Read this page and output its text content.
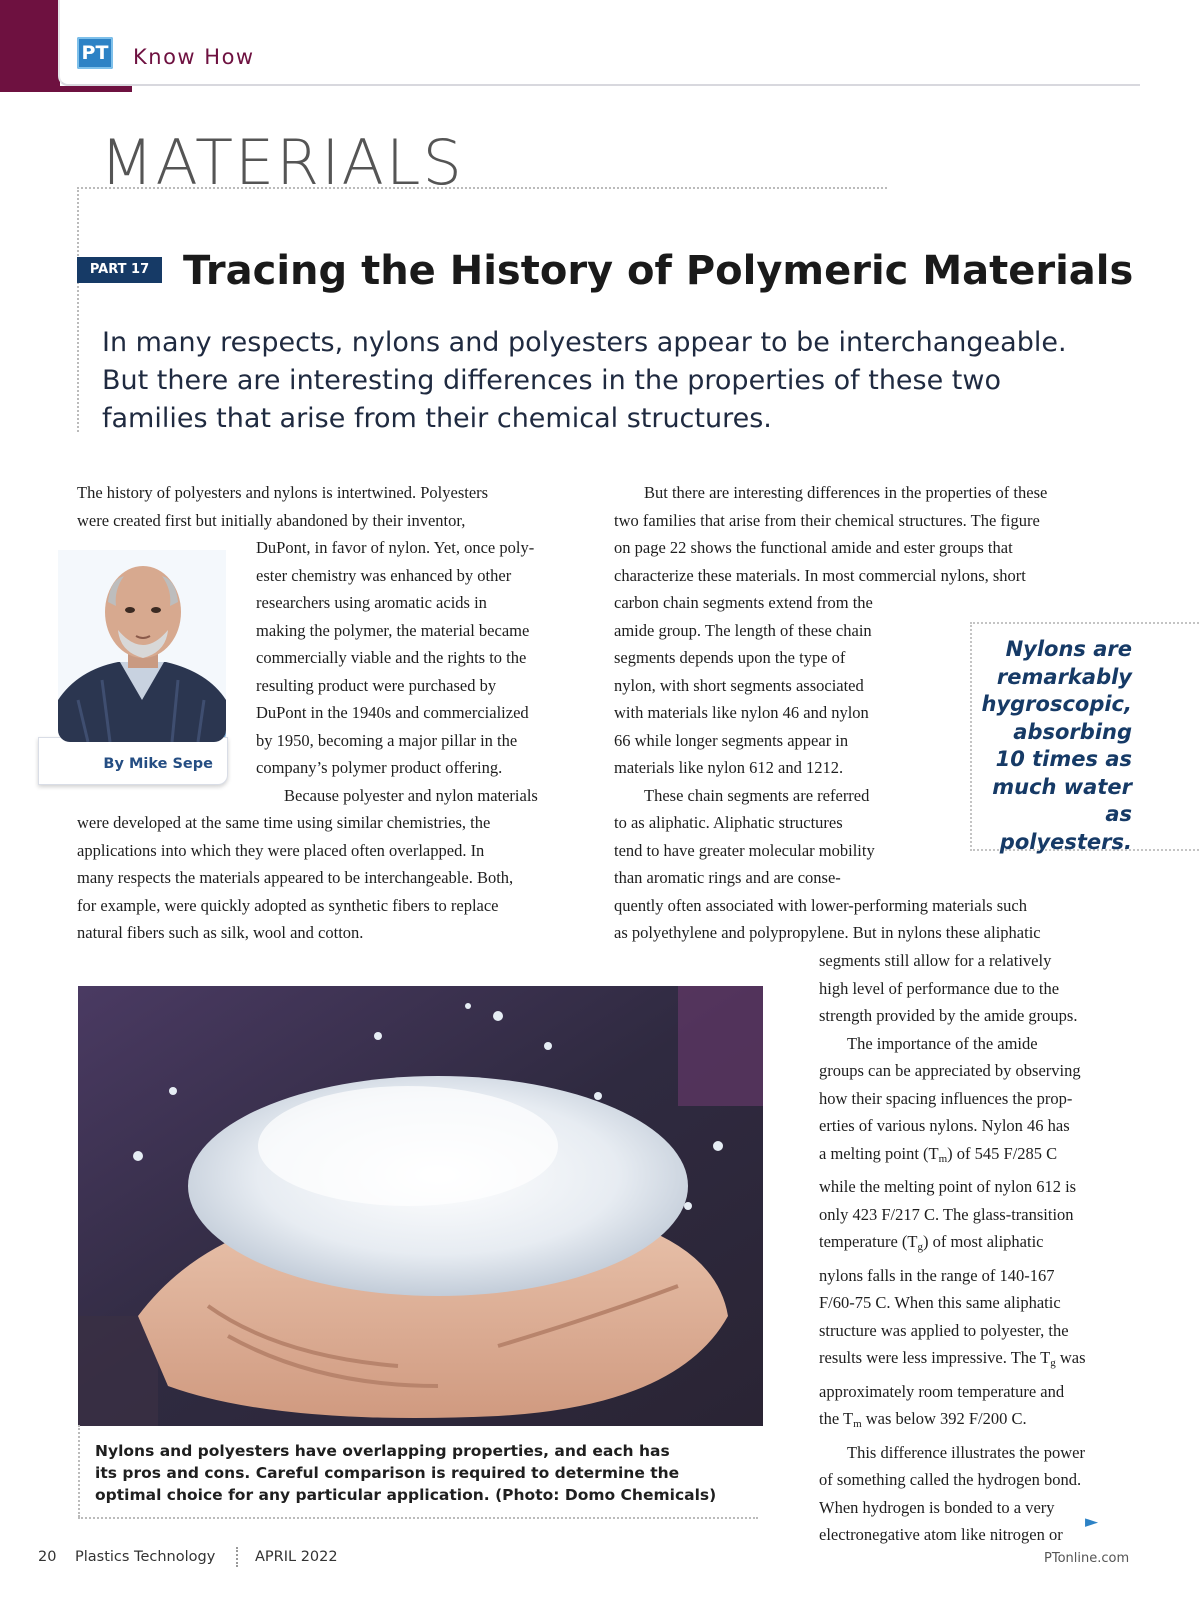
PT Know How
MATERIALS
PART 17 Tracing the History of Polymeric Materials
In many respects, nylons and polyesters appear to be interchangeable.
But there are interesting differences in the properties of these two
families that arise from their chemical structures.
The history of polyesters and nylons is intertwined. Polyesters
were created first but initially abandoned by their inventor,
By Mike Sepe
DuPont, in favor of nylon. Yet, once poly-
ester chemistry was enhanced by other
researchers using aromatic acids in
making the polymer, the material became
commercially viable and the rights to the
resulting product were purchased by
DuPont in the 1940s and commercialized
by 1950, becoming a major pillar in the
company’s polymer product offering.
Because polyester and nylon materials
were developed at the same time using similar chemistries, the
applications into which they were placed often overlapped. In
many respects the materials appeared to be interchangeable. Both,
for example, were quickly adopted as synthetic fibers to replace
natural fibers such as silk, wool and cotton.
But there are interesting differences in the properties of these
two families that arise from their chemical structures. The figure
on page 22 shows the functional amide and ester groups that
characterize these materials. In most commercial nylons, short
carbon chain segments extend from the
amide group. The length of these chain
segments depends upon the type of
nylon, with short segments associated
with materials like nylon 46 and nylon
66 while longer segments appear in
materials like nylon 612 and 1212.
These chain segments are referred
to as aliphatic. Aliphatic structures
tend to have greater molecular mobility
than aromatic rings and are conse-
quently often associated with lower-performing materials such
as polyethylene and polypropylene. But in nylons these aliphatic
Nylons are
remarkably
hygroscopic,
absorbing
10 times as
much water
as polyesters.
segments still allow for a relatively
high level of performance due to the
strength provided by the amide groups.
The importance of the amide
groups can be appreciated by observing
how their spacing influences the prop-
erties of various nylons. Nylon 46 has
a melting point $(T_m)$ of 545 F/285 C
while the melting point of nylon 612 is
only 423 F/217 C. The glass-transition
temperature $(T_g)$ of most aliphatic
nylons falls in the range of 140-167
F/60-75 C. When this same aliphatic
structure was applied to polyester, the
results were less impressive. The $T_g$ was
approximately room temperature and
the $T_m$ was below 392 F/200 C.
This difference illustrates the power
of something called the hydrogen bond.
When hydrogen is bonded to a very
electronegative atom like nitrogen or
►
Nylons and polyesters have overlapping properties, and each has
its pros and cons. Careful comparison is required to determine the
optimal choice for any particular application. (Photo: Domo Chemicals)
20 Plastics Technology	APRIL 2022	PTonline.com
